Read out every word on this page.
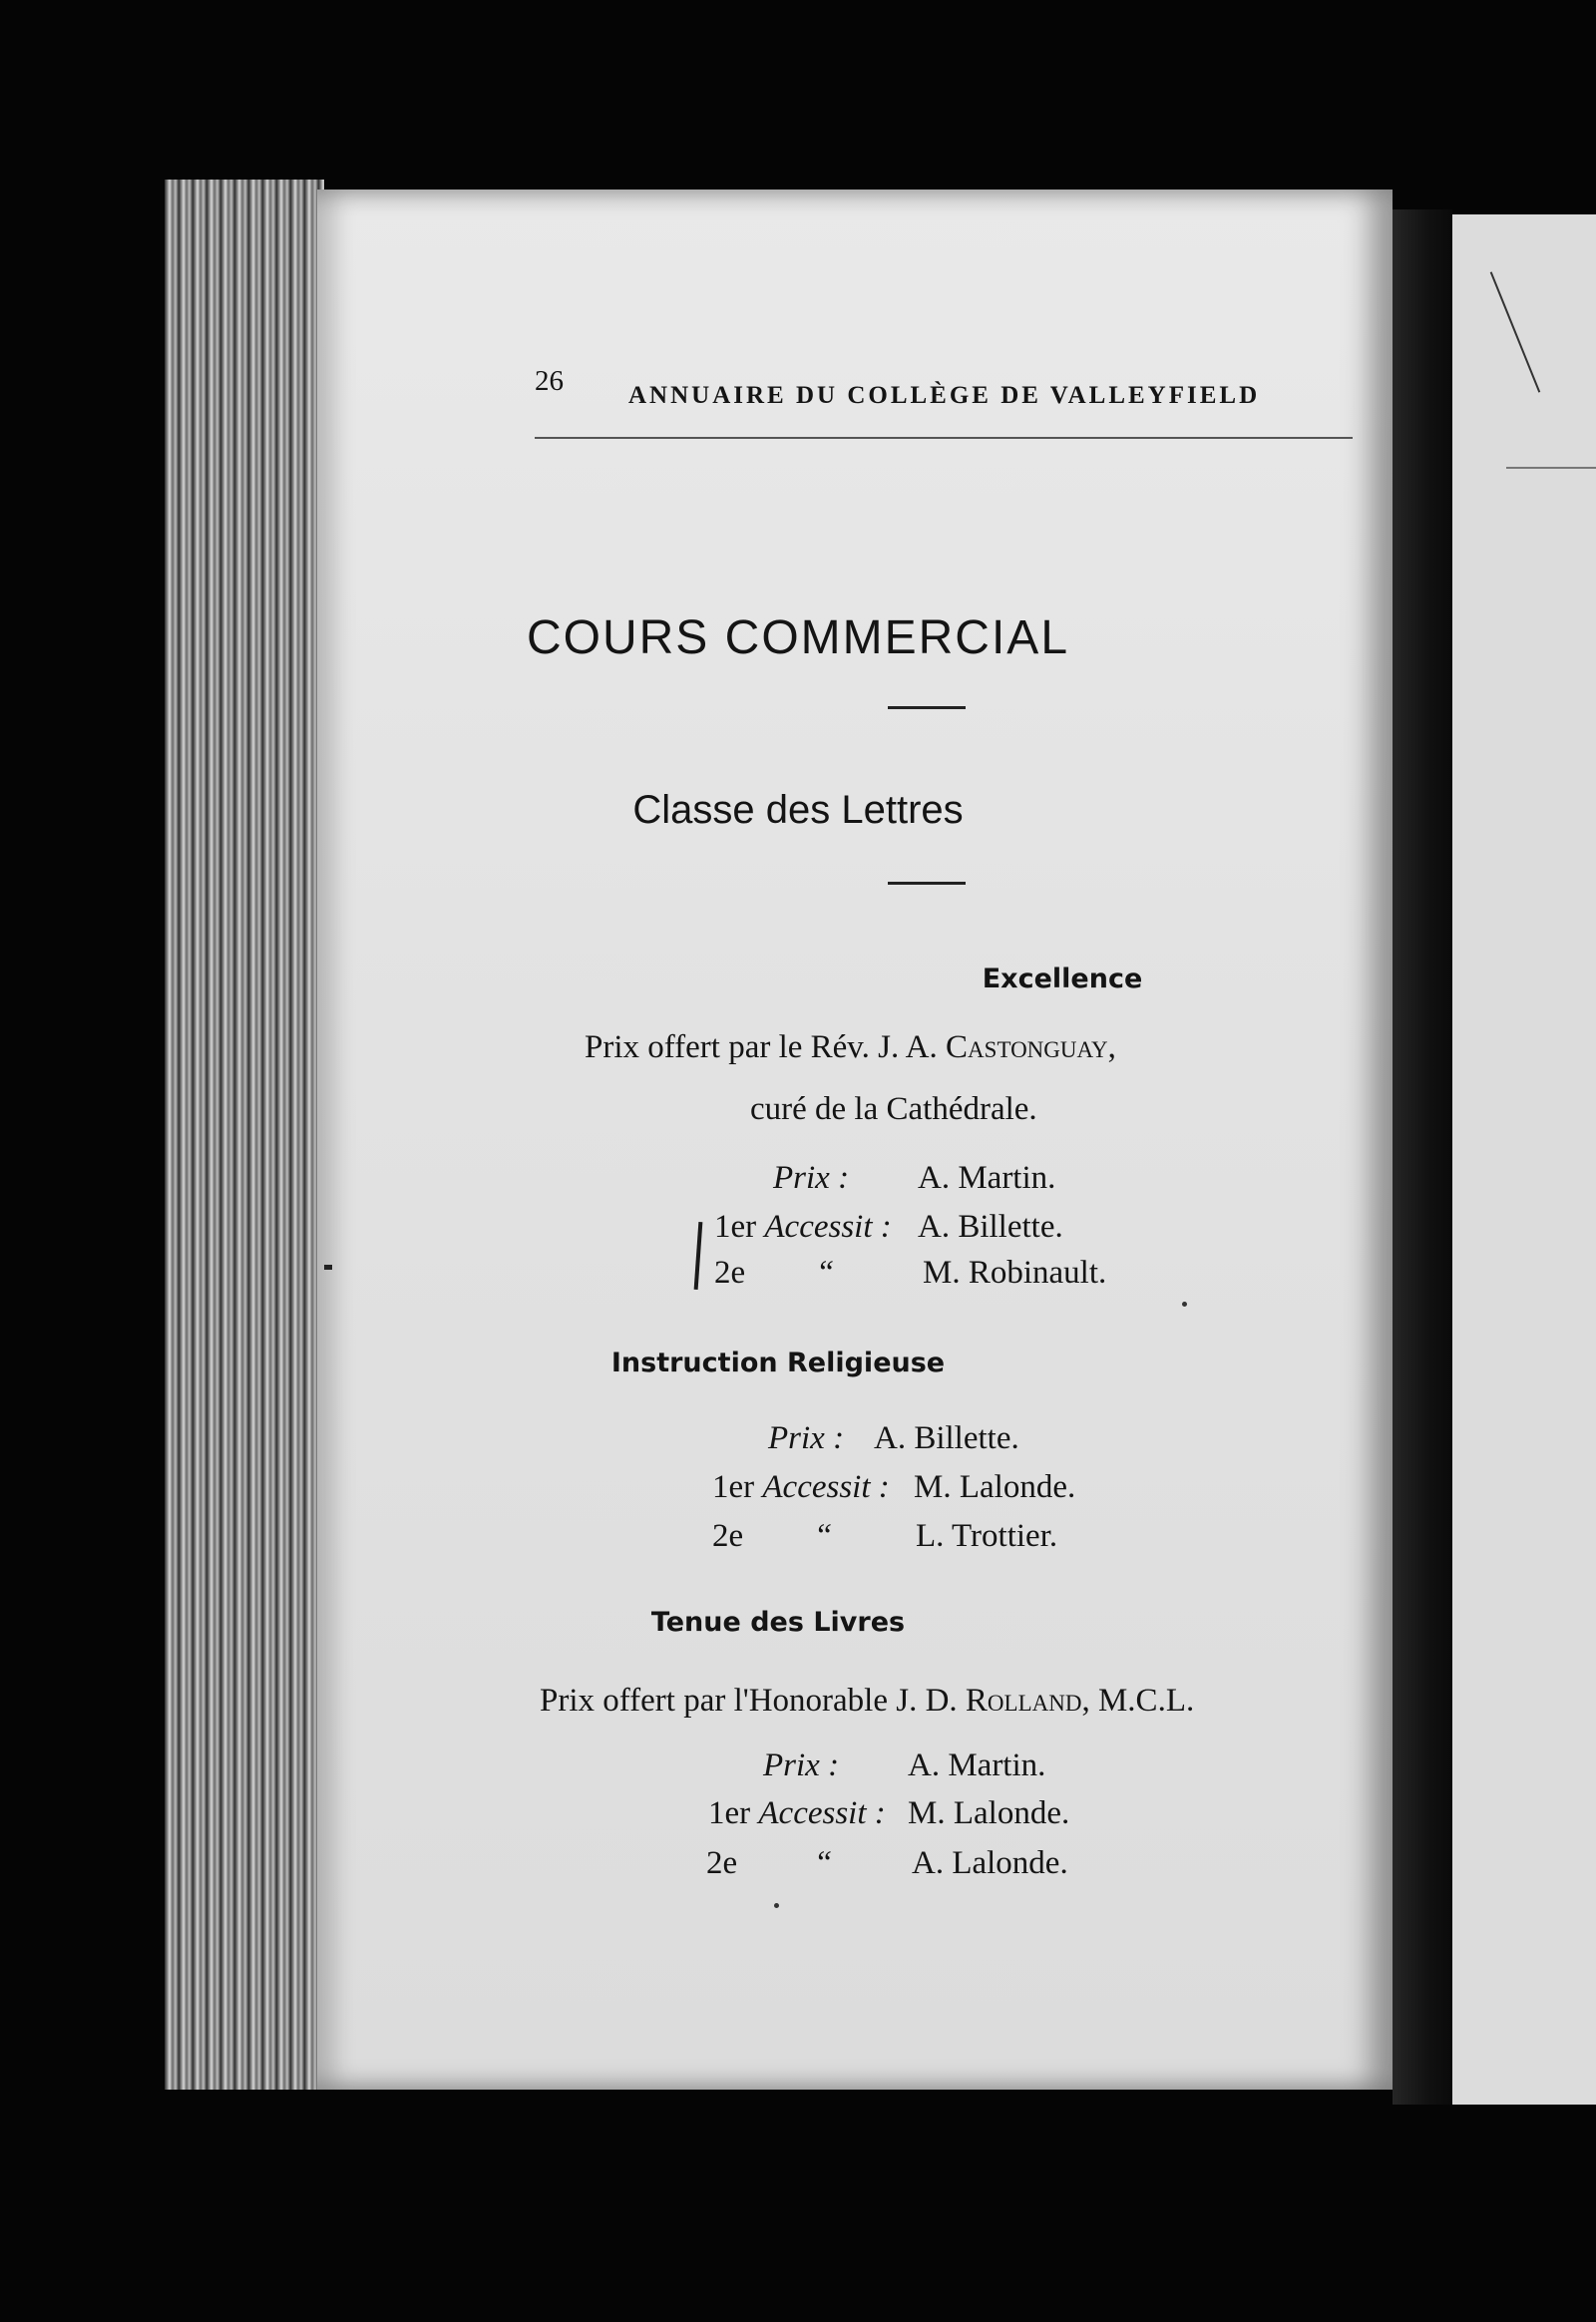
26	ANNUAIRE DU COLLÈGE DE VALLEYFIELD
COURS COMMERCIAL
Classe des Lettres
Excellence
Prix offert par le Rév. J. A. Castonguay,
curé de la Cathédrale.
Prix : A. Martin.
1er Accessit : A. Billette.
2e “	M. Robinault.
Instruction Religieuse
Prix : A. Billette.
1er Accessit : M. Lalonde.
2e “	L. Trottier.
Tenue des Livres
Prix offert par l'Honorable J. D. Rolland, M.C.L.
Prix : A. Martin.
1er Accessit : M. Lalonde.
2e “ A. Lalonde.
